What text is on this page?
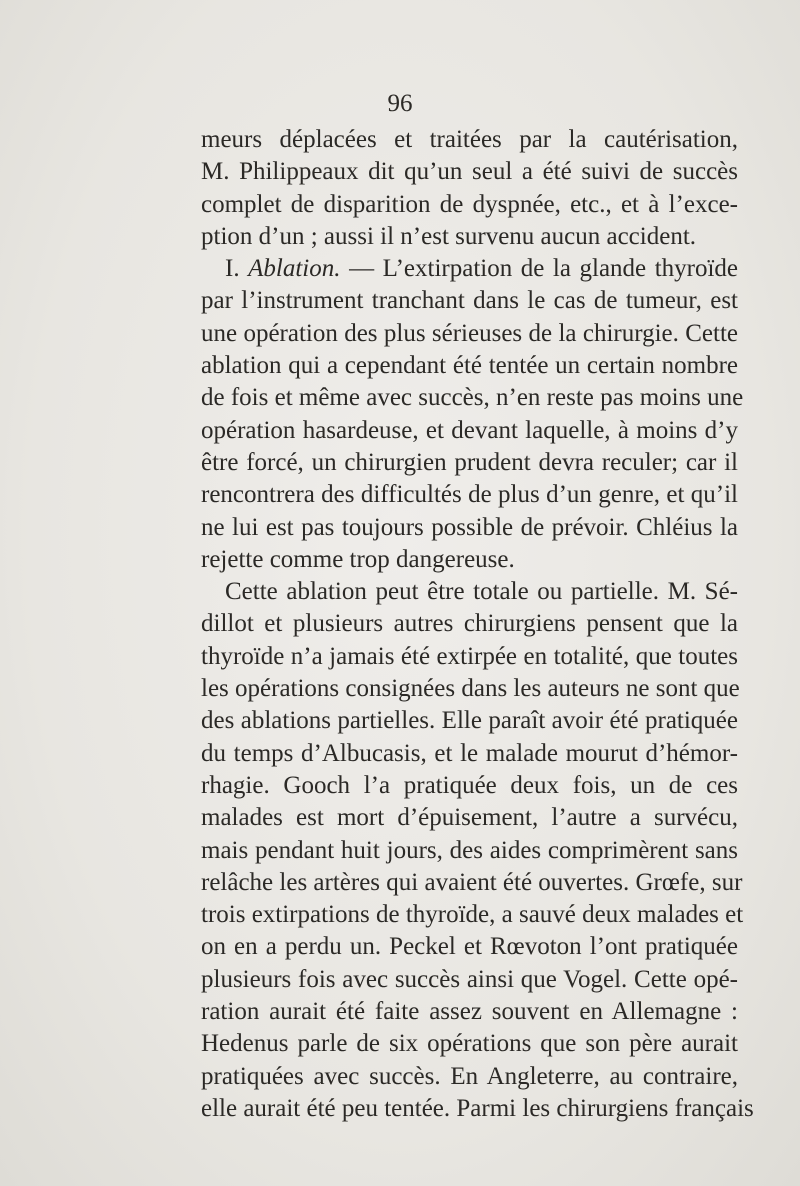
96
meurs déplacées et traitées par la cautérisation,
M. Philippeaux dit qu’un seul a été suivi de succès
complet de disparition de dyspnée, etc., et à l’exce-
ption d’un ; aussi il n’est survenu aucun accident.
I. Ablation. — L’extirpation de la glande thyroïde
par l’instrument tranchant dans le cas de tumeur, est
une opération des plus sérieuses de la chirurgie. Cette
ablation qui a cependant été tentée un certain nombre
de fois et même avec succès, n’en reste pas moins une
opération hasardeuse, et devant laquelle, à moins d’y
être forcé, un chirurgien prudent devra reculer; car il
rencontrera des difficultés de plus d’un genre, et qu’il
ne lui est pas toujours possible de prévoir. Chléius la
rejette comme trop dangereuse.
Cette ablation peut être totale ou partielle. M. Sé-
dillot et plusieurs autres chirurgiens pensent que la
thyroïde n’a jamais été extirpée en totalité, que toutes
les opérations consignées dans les auteurs ne sont que
des ablations partielles. Elle paraît avoir été pratiquée
du temps d’Albucasis, et le malade mourut d’hémor-
rhagie. Gooch l’a pratiquée deux fois, un de ces
malades est mort d’épuisement, l’autre a survécu,
mais pendant huit jours, des aides comprimèrent sans
relâche les artères qui avaient été ouvertes. Grœfe, sur
trois extirpations de thyroïde, a sauvé deux malades et
on en a perdu un. Peckel et Rœvoton l’ont pratiquée
plusieurs fois avec succès ainsi que Vogel. Cette opé-
ration aurait été faite assez souvent en Allemagne :
Hedenus parle de six opérations que son père aurait
pratiquées avec succès. En Angleterre, au contraire,
elle aurait été peu tentée. Parmi les chirurgiens français
